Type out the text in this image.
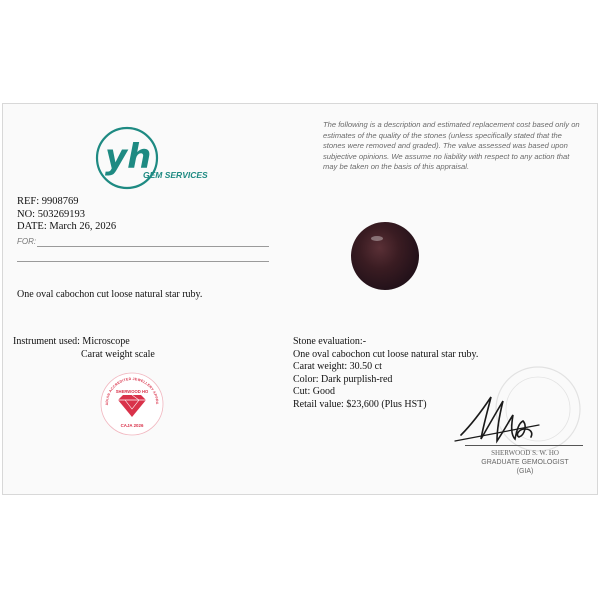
yh
GEM SERVICES
The following is a description and estimated replacement cost based only on estimates of the quality of the stones (unless specifically stated that the stones were removed and graded). The value assessed was based upon subjective opinions. We assume no liability with respect to any action that may be taken on the basis of this appraisal.
REF: 9908769
NO: 503269193
DATE: March 26, 2026
FOR:
One oval cabochon cut loose natural star ruby.
Instrument used: Microscope
Carat weight scale
ADIAN ACCREDITED JEWELLERY APPRA
SHERWOOD HO
CAJA 2026
Stone evaluation:-
One oval cabochon cut loose natural star ruby.
Carat weight: 30.50 ct
Color: Dark purplish-red
Cut: Good
Retail value: $23,600 (Plus HST)
SHERWOOD S. W. HO
GRADUATE GEMOLOGIST
(GIA)
